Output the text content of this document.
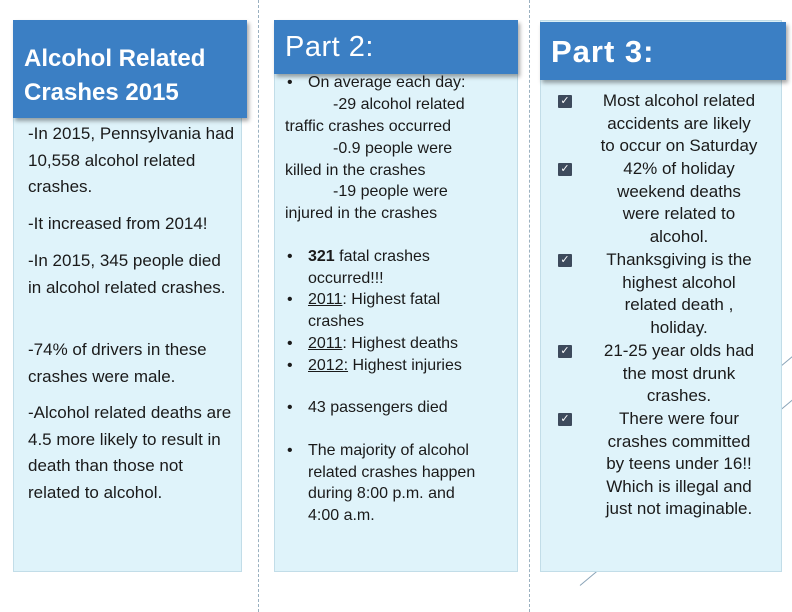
Alcohol Related Crashes 2015
-In 2015, Pennsylvania had 10,558 alcohol related crashes.
-It increased from 2014!
-In 2015, 345 people died in alcohol related crashes.
-74% of drivers in these crashes were male.
-Alcohol related deaths are 4.5 more likely to result in death than those not related to alcohol.
Part 2:
• On average each day:
-29 alcohol related
traffic crashes occurred
-0.9 people were
killed in the crashes
-19 people were
injured in the crashes
• 321 fatal crashes
occurred!!!
• 2011: Highest fatal
crashes
• 2011: Highest deaths
• 2012: Highest injuries
• 43 passengers died
• The majority of alcohol
related crashes happen
during 8:00 p.m. and
4:00 a.m.
Part 3:
✓	Most alcohol related
accidents are likely
to occur on Saturday
✓	42% of holiday
weekend deaths
were related to
alcohol.
✓	Thanksgiving is the
highest alcohol
related death ,
holiday.
✓	21-25 year olds had
the most drunk
crashes.
✓	There were four
crashes committed
by teens under 16!!
Which is illegal and
just not imaginable.
